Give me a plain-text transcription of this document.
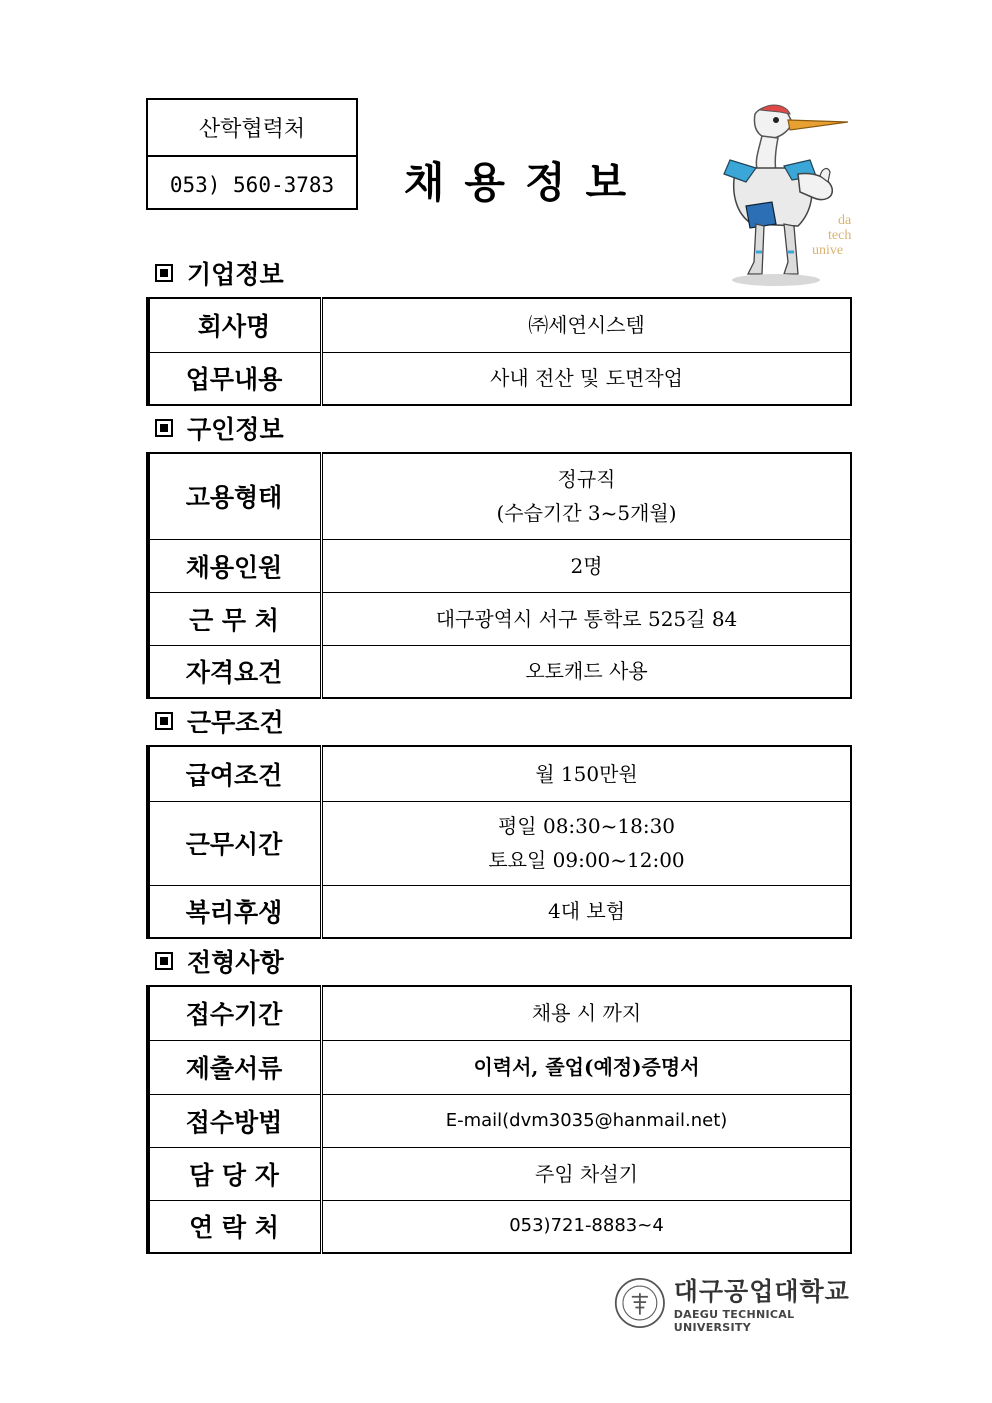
산학협력처
053) 560-3783	채용정보
da
tech
unive
기업정보
회사명	㈜세연시스템
업무내용	사내 전산 및 도면작업
구인정보
고용형태	정규직
(수습기간 3~5개월)

채용인원	2명
근 무 처	대구광역시 서구 통학로 525길 84
자격요건	오토캐드 사용
근무조건
급여조건	월 150만원
근무시간	평일 08:30~18:30
토요일 09:00~12:00

복리후생	4대 보험
전형사항
접수기간	채용 시 까지
제출서류	이력서, 졸업(예정)증명서
접수방법	E-mail(dvm3035@hanmail.net)
담 당 자	주임 차설기
연 락 처	053)721-8883~4
대구공업대학교
DAEGU TECHNICAL UNIVERSITY
